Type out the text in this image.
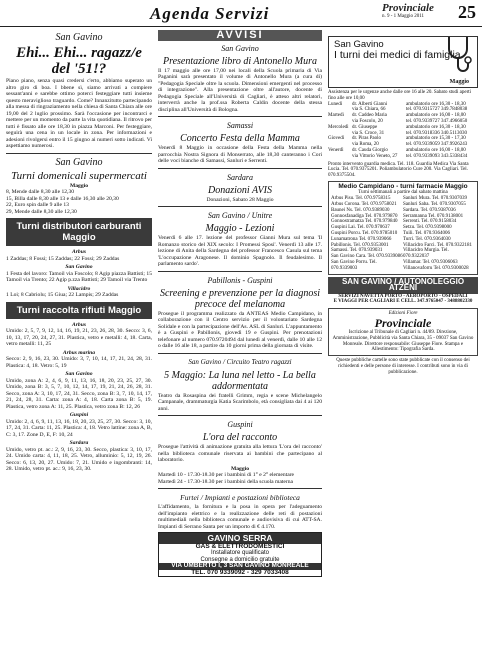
Agenda Servizi	Provinciale
n. 9 - 1 Maggio 2011 25
San Gavino
Ehi... Ehi... ragazz/e del '51!?
Piano piano, senza quasi credersi c'erto, abbiamo superato un altro giro di boa. I bbene sì, siamo arrivati a compiere sessant'anni e sarebbe ottimo poterci festeggiare tutti insieme questo meraviglioso traguardo. Come? Innanzitutto partecipando alla messa di ringraziamento nella chiesa di Santa Chiara alle ore 19,00 del 2 luglio prossimo. Sarà l'occasione per incontrarci e mettere per un momento da parte la vita quotidiana. Il ritrovo per tutti è fissato alle ore 18,30 in piazza Marconi. Per festeggiare, seguirà una cena in un locale in zona. Per informazioni e adesioni rivolgersi entro il 15 giugno ai numeri sotto indicati. Vi aspettiamo numerosi.
San Gavino
Turni domenicali supermercati
Maggio
8, Mende dalle 8,30 alle 12,30
15, Billa dalle 8,30 alle 13 e dalle 16,30 alle 20,30
22, Euro spin dalle 9 alle 13
29, Mende dalle 8,30 alle 12,30
Turni distributori carburanti Maggio
Arbus
1 Zaddas; 8 Fossi; 15 Zaddas; 22 Fossi; 29 Zaddas
San Gavino
1 Festa del lavoro: Tamoil via Foscolo; 8 Agip piazza Battisti; 15 Tamoil via Trento; 22 Agip p.zza Battisti; 29 Tamoil via Trento
Villacidro
1 Loi; 8 Cabriolu; 15 Giua; 22 Lampis; 29 Zaddas
Turni raccolta rifiuti Maggio
Arbus
Umido: 2, 5, 7, 9, 12, 14, 16, 19, 21, 23, 26, 28, 30. Secco: 3, 6, 10, 13, 17, 20, 24, 27, 31. Plastica, vetro e metalli: 4, 18. Carta, vetro metalli: 11, 25
Arbus marina
Secco: 2, 9, 16, 23, 30. Umido: 3, 7, 10, 14, 17, 21, 24, 28, 31. Plastica: 4, 18. Vetro: 5, 19
San Gavino
Umido, zona A: 2, 4, 6, 9, 11, 13, 16, 18, 20, 23, 25, 27, 30. Umido, zona B: 3, 5, 7, 10, 12, 14, 17, 19, 21, 24, 26, 28, 31. Secco, zona A: 3, 10, 17, 24, 31. Secco, zona B: 3, 7, 10, 14, 17, 21, 24, 28, 31. Carta: zona A: 4, 18. Carta zona B: 5, 19. Plastica, vetro zona A: 11, 25. Plastica, vetro zona B: 12, 26
Guspini
Umido: 2, 4, 6, 9, 11, 13, 16, 18, 20, 23, 25, 27, 30. Secco: 3, 10, 17, 24, 31. Carta: 11, 25. Plastica: 4, 18. Vetro lattine: zona A, B, C: 3, 17. Zone D, E, F: 10, 24
Sardara
Umido, vetro pt. ac.: 2, 9, 16, 23, 30. Secco, plastica: 3, 10, 17, 24. Umido carta: 4, 11, 18, 25. Vetro, alluminio: 5, 12, 19, 26. Secco: 6, 13, 20, 27. Umido: 7, 21. Umido e ingombranti: 14, 28. Umido, vetro pt. ac.: 9, 16, 23, 30.
AVVISI
San Gavino
Presentazione libro di Antonello Mura
Il 17 maggio alle ore 17,00 nei locali della Scuola primaria di Via Paganini sarà presentato il volume di Antonello Mura (a cura di) "Pedagogia Speciale oltre la scuola. Dimensioni emergenti nel processo di integrazione". Alla presentazione oltre all'autore, docente di Pedagogia Speciale all'Università di Cagliari, è atteso altri relatori, interverrà anche la prof.ssa Roberta Caldin docente della stessa disciplina all'Università di Bologna.
Samassi
Concerto Festa della Mamma
Venerdì 8 Maggio in occasione della Festa della Mamma nella parrocchia Nostra Signora di Monserrato, alle 18,30 canteranno i Cori delle voci bianche di Samassi, Sanluri e Serrenti.
Sardara
Donazioni AVIS
Donazioni, Sabato 28 Maggio
San Gavino / Unitre
Maggio - Lezioni
Venerdì 6 alle 17. lezione del professor Gianni Mura sul tema 'Il Romanzo storico del XIX secolo: I Promessi Sposi'. Venerdì 13 alle 17. lezione di Anita della Sardegna del professor Francesco Casula sul tema 'L'occupazione Aragonese. Il dominio Spagnolo. Il feudalesimo. Il parlamento sardo'.
Pabillonis - Guspini
Screening e prevenzione per la diagnosi precoce del melanoma
Prosegue il programma realizzato da ANTEAS Medio Campidano, in collaborazione con il Centro servizio per il volontariato Sardegna Solidale e con la partecipazione dell'As. ASL di Sanluri. L'appuntamento è a Guspini e Pabillonis, giovedì 19 e Guspini. Per prenotazioni telefonare al numero 070.9720494 dal lunedì al venerdì, dalle 10 alle 12 o dalle 16 alle 18, a partire da 10 giorni prima della giornata di visite.
San Gavino / Circuito Teatro ragazzi
5 Maggio: La luna nel letto - La bella addormentata
Teatro da Rosaspina dei fratelli Grimm, regia e scene Michelangelo Campanale, drammaturgia Katia Scarimbolo, età consigliata dai 4 ai 120 anni.
Guspini
L'ora del racconto
Prosegue l'attività di animazione gratuita alla lettura 'L'ora del racconto' nella biblioteca comunale riservata ai bambini che partecipano al laboratorio.
Maggio
Martedì 10 - 17.30-18.30 per i bambini di 1° e 2° elementare
Martedì 24 - 17.30-18.30 per i bambini della scuola materna
Furtei / Impianti e postazioni biblioteca
L'affidamento, la fornitura e la posa in opera per l'adeguamento dell'impianto elettrico e la realizzazione delle reti di postazioni multimediali nella biblioteca comunale e audiovisiva di cui ATT-SA. Impianti di Serrano Santa per un importo di € 4.170.
GAVINO SERRA
GAS & ELETTRODOMESTICI
Installatore qualificato
Consegne a domicilio gratuite
VIA UMBERTO I, 3 SAN GAVINO MONREALE
TEL. 070 9339092 - 329 7033408
San Gavino
I turni dei medici di famiglia
Maggio
Assistenza per le urgenze anche dalle ore 16 alle 20. Sabato studi aperti fino alle ore 10,00
Lunedì	dr. Alberti Gianni	ambulatorio ore 16,30 - 18,30
via S. Chiara, 66	tel. 070.9315727 349.7848038
Martedì	dr. Caddeo Maria	ambulatorio ore 16,00 - 18,00
via Foscolo, 20	tel. 070.9339727 347.4966050
Mercoledì dr. Giuseppe	ambulatorio ore 16,30 - 18,30
via S. Croce, 31	tel. 070.9318336 340.5113030
Giovedì	dr. Piras Paolo	ambulatorio ore 15,30 - 17,30
via Roma, 20	tel. 070.9339059 347.9926243
Venerdì	dr. Cauda Giorgio	ambulatorio ore 16,00 - 18,00
via Vittorio Veneto, 27	tel. 070.9339093 343.5338434
Pronto intervento guardia medica. Tel. 118. Guardia Medica Via Santa Lucia. Tel. 070.9375201. Poliambulatorio Cure 200. Via Cagliari. Tel. 070.9375504.
Medio Campidano - turni farmacie Maggio
Turni settimanali a partire dal sabato mattina
Arbus Pisu. Tel. 070.9758315
Arbus Corona. Tel. 070.9758021
Baunei Ns. Tel. 070.9389030
Gonnosfanadiga Tel. 070.979870
Gonnostramatza Tel. 070.979840
Guspini Lai. Tel. 070.970637
Guspini Porcu. Tel. 070.9785010
Lunamatrona Tel. 070.939066
Pabillonis. Tel. 070.9353001
Samassi. Tel. 070.939031
San Gavino Cara. Tel. 070.9339086
San Gavino Porru. Tel. 070.9339003
Sanluri Mura. Tel. 070.9307039
Sanluri Saba. Tel. 070.9307055
Sardara. Tel. 070.9387036
Serramanna Tel. 070.9138001
Serrenti. Tel. 070.9158034
Setzu. Tel. 070.9398000
Tuili. Tel. 070.9364006
Turri. Tel. 070.9364030
Villacidro Farci. Tel. 070.9322181
Villacidro Murgia. Tel. 070.9322037
Villamar. Tel. 070.9306063
Villanovaforru Tel. 070.9300028
SAN GAVINO / AUTONOLEGGIO ATZENI
SERVIZI NAVETTA PORTO - AEROPORTO - OSPEDALI
E VIAGGI PER CAGLIARI E CELL. 347.9765047 - 3488802330
Edizioni Fiore
Provinciale
Iscrizione al Tribunale di Cagliari n. 44/89. Direzione, Amministrazione, Pubblicità via Santa Chiara, 35 - 09037 San Gavino Monreale. Direttore responsabile: Giuseppe Fiore. Stampa e Allestimento: Tipografia Sarda.
Queste pubbliche cartelle sono state pubblicate con il consenso dei richiedenti e delle persone di interesse. I contributi sono in via di pubblicazione.
